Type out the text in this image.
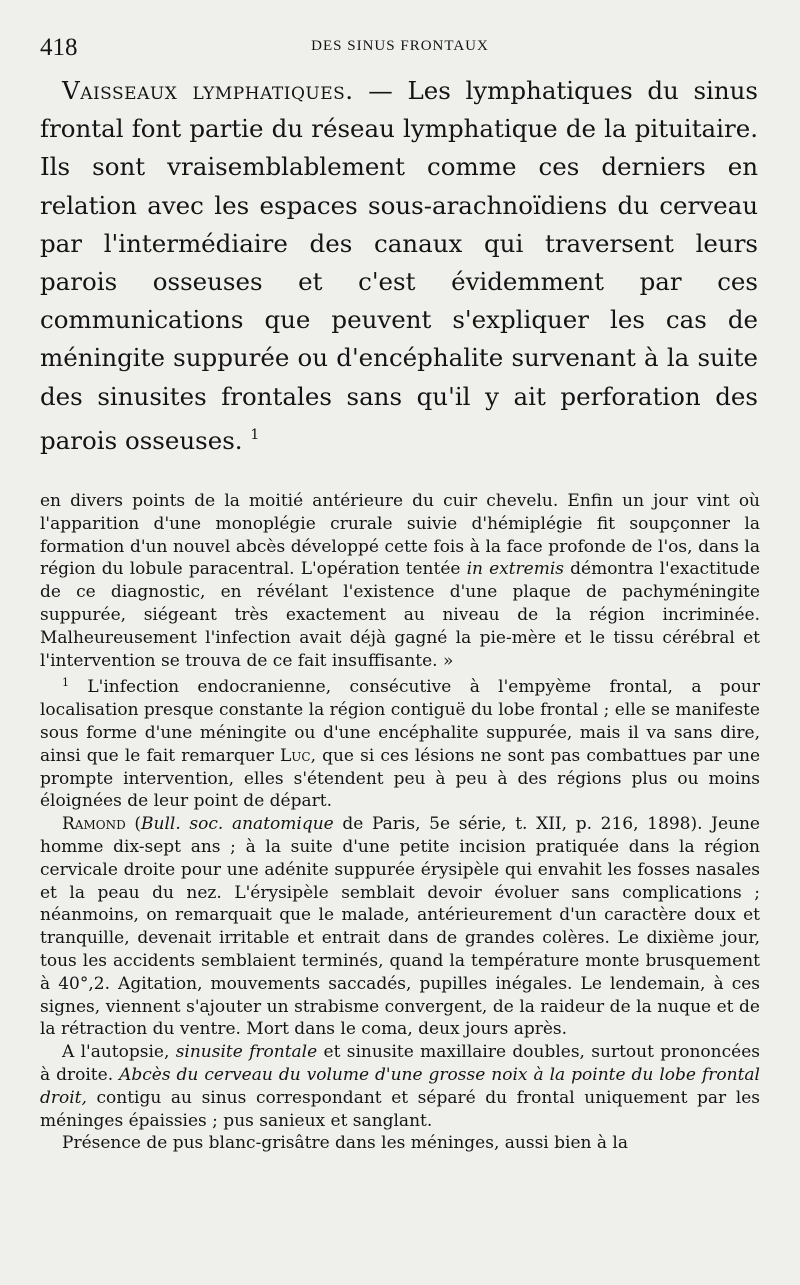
418	DES SINUS FRONTAUX

Vaisseaux lymphatiques. — Les lymphatiques du sinus frontal font partie du réseau lymphatique de la pituitaire. Ils sont vraisemblablement comme ces derniers en relation avec les espaces sous-arachnoïdiens du cerveau par l'intermédiaire des canaux qui traversent leurs parois osseuses et c'est évidemment par ces communications que peuvent s'expliquer les cas de méningite suppurée ou d'encéphalite survenant à la suite des sinusites frontales sans qu'il y ait perforation des parois osseuses. $^1$

en divers points de la moitié antérieure du cuir chevelu. Enfin un jour vint où l'apparition d'une monoplégie crurale suivie d'hémiplégie fit soupçonner la formation d'un nouvel abcès développé cette fois à la face profonde de l'os, dans la région du lobule paracentral. L'opération tentée in extremis démontra l'exactitude de ce diagnostic, en révélant l'existence d'une plaque de pachyméningite suppurée, siégeant très exactement au niveau de la région incriminée. Malheureusement l'infection avait déjà gagné la pie-mère et le tissu cérébral et l'intervention se trouva de ce fait insuffisante. »

$^1$ L'infection endocranienne, consécutive à l'empyème frontal, a pour localisation presque constante la région contiguë du lobe frontal ; elle se manifeste sous forme d'une méningite ou d'une encéphalite suppurée, mais il va sans dire, ainsi que le fait remarquer Luc, que si ces lésions ne sont pas combattues par une prompte intervention, elles s'étendent peu à peu à des régions plus ou moins éloignées de leur point de départ.

Ramond (Bull. soc. anatomique de Paris, 5e série, t. XII, p. 216, 1898). Jeune homme dix-sept ans ; à la suite d'une petite incision pratiquée dans la région cervicale droite pour une adénite suppurée érysipèle qui envahit les fosses nasales et la peau du nez. L'érysipèle semblait devoir évoluer sans complications ; néanmoins, on remarquait que le malade, antérieurement d'un caractère doux et tranquille, devenait irritable et entrait dans de grandes colères. Le dixième jour, tous les accidents semblaient terminés, quand la température monte brusquement à 40°,2. Agitation, mouvements saccadés, pupilles inégales. Le lendemain, à ces signes, viennent s'ajouter un strabisme convergent, de la raideur de la nuque et de la rétraction du ventre. Mort dans le coma, deux jours après.

A l'autopsie, sinusite frontale et sinusite maxillaire doubles, surtout prononcées à droite. Abcès du cerveau du volume d'une grosse noix à la pointe du lobe frontal droit, contigu au sinus correspondant et séparé du frontal uniquement par les méninges épaissies ; pus sanieux et sanglant.

Présence de pus blanc-grisâtre dans les méninges, aussi bien à la
